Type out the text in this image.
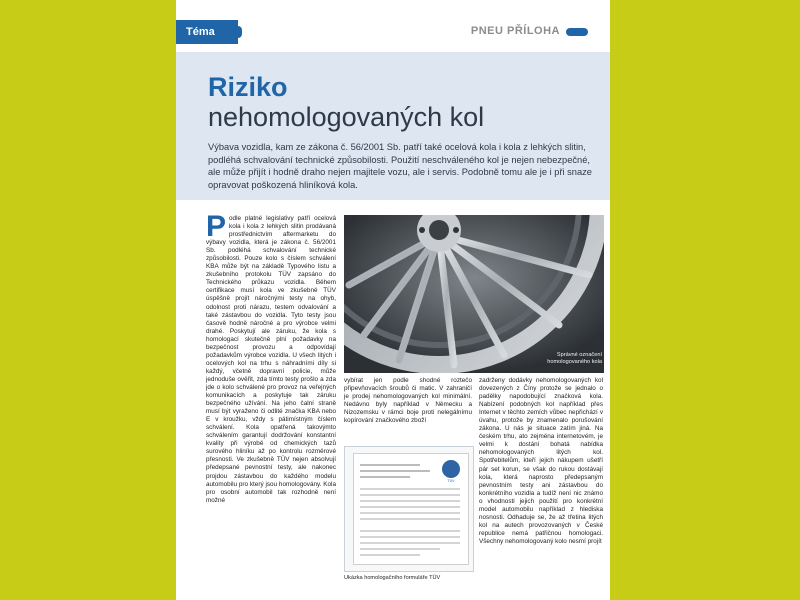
Téma	PNEU PŘÍLOHA
Riziko
nehomologovaných kol
Výbava vozidla, kam ze zákona č. 56/2001 Sb. patří také ocelová kola i kola z lehkých slitin, podléhá schvalování technické způsobilosti. Použití neschváleného kol je nejen nebezpečné, ale může přijít i hodně draho nejen majitele vozu, ale i servis. Podobně tomu ale je i při snaze opravovat poškozená hliníková kola.
P odle platné legislativy patří ocelová kola i kola z lehkých slitin prodávaná prostřednictvím aftermarketu do výbavy vozidla, která je zákona č. 56/2001 Sb. podléhá schvalování technické způsobilosti. Pouze kolo s číslem schválení KBA může být na základě Typového listu a zkušebního protokolu TÜV zapsáno do Technického průkazu vozidla. Během certifikace musí kola ve zkušebně TÜV úspěšně projít náročnými testy na ohyb, odolnost proti nárazu, testem odvalování a také zástavbou do vozidla. Tyto testy jsou časově hodně náročné a pro výrobce velmi drahé. Poskytují ale záruku, že kola s homologací skutečně plní požadavky na bezpečnost provozu a odpovídají požadavkům výrobce vozidla. U všech litých i ocelových kol na trhu s náhradními díly si každý, včetně dopravní policie, může jednoduše ověřit, zda tímto testy prošlo a zda jde o kolo schválené pro provoz na veřejných komunikacích a poskytuje tak záruku bezpečného užívání. Na jeho čalní straně musí být vyraženo či odlité značka KBA nebo E v kroužku, vždy s pátimístným číslem schválení. Kola opatřená takovýmto schválením garantují dodržování konstantní kvality při výrobě od chemických tazů surového hliníku až po kontrolu rozměrové přesnosti. Ve zkušebně TÜV nejen absolvují předepsané pevnostní testy, ale nakonec projdou zástavbou do každého modelu automobilu pro který jsou homologovány. Kola pro osobní automobil tak rozhodně není možné
Správné označení homologovaného kola
vybírat jen podle shodné roztečo připevňovacích šroubů či matic. V zahraničí je prodej nehomologovaných kol minimální. Nedávno byly například v Německu a Nizozemsku v rámci boje proti nelegálnímu kopírování značkového zboží
TÜV
Ukázka homologačního formuláře TÜV
zadrženy dodávky nehomologovaných kol dovezených z Číny protože se jednalo o padělky napodobující značková kola. Nabízení podobných kol například přes Internet v těchto zemích vůbec nepřichází v úvahu, protože by znamenalo porušování zákona. U nás je situace zatím jiná. Na českém trhu, ato zejména internetovém, je velmi k dostání bohatá nabídka nehomologovaných litých kol. Spotřebitelům, kteří jejich nákupem ušetří pár set korun, se však do rukou dostávají kola, která naprosto předepsaným pevnostním testy ani zástavbou do konkrétního vozidla a tudíž není nic známo o vhodnosti jejich použití pro konkrétní model automobilu například z hlediska nosnosti. Odhaduje se, že až třetina litých kol na autech provozovaných v České republice nemá patřičnou homologaci. Všechny nehomologovaný kolo nesmí projít
